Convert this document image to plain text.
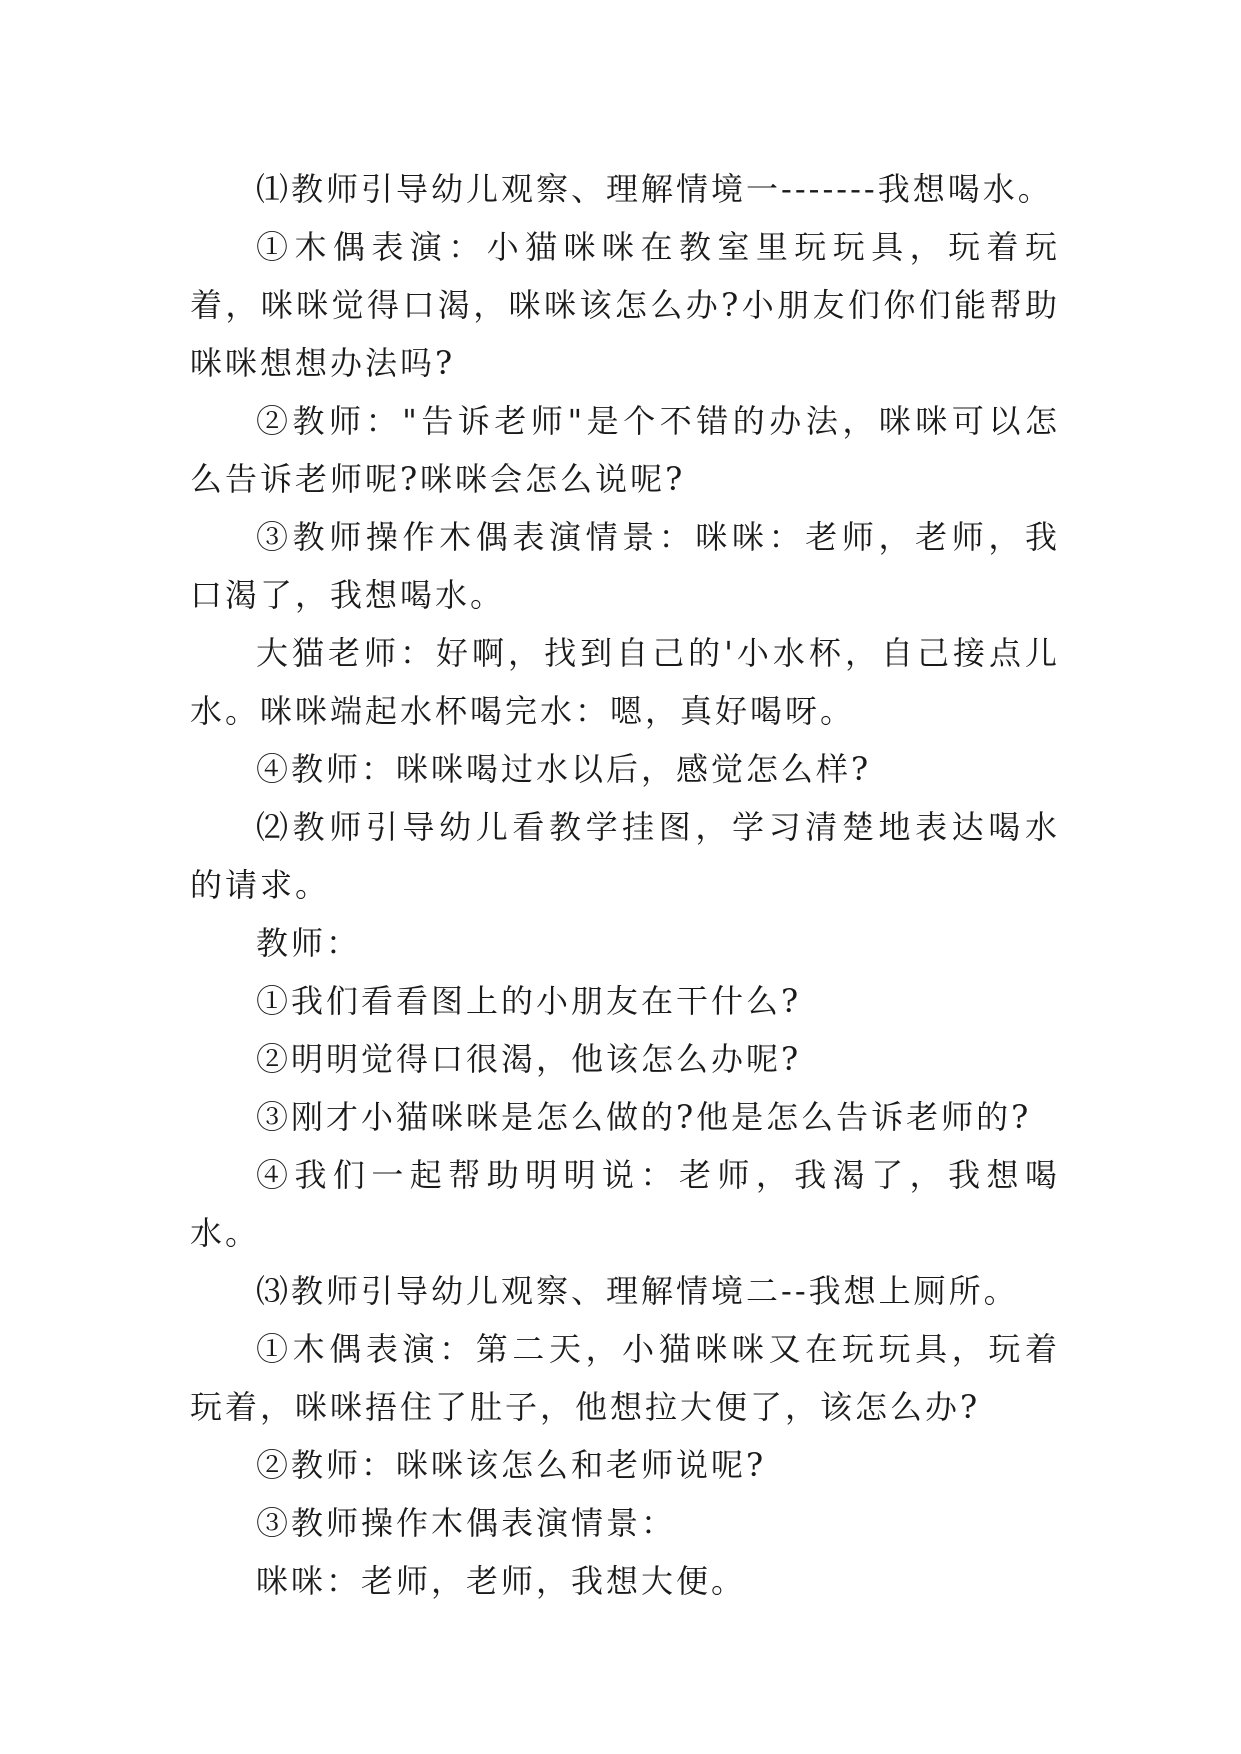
⑴教师引导幼儿观察、理解情境一-------我想喝水。

①木偶表演：小猫咪咪在教室里玩玩具，玩着玩着，咪咪觉得口渴，咪咪该怎么办?小朋友们你们能帮助咪咪想想办法吗?

②教师："告诉老师"是个不错的办法，咪咪可以怎么告诉老师呢?咪咪会怎么说呢?

③教师操作木偶表演情景：咪咪：老师，老师，我口渴了，我想喝水。

大猫老师：好啊，找到自己的'小水杯，自己接点儿水。咪咪端起水杯喝完水：嗯，真好喝呀。

④教师：咪咪喝过水以后，感觉怎么样?

⑵教师引导幼儿看教学挂图，学习清楚地表达喝水的请求。

教师：

①我们看看图上的小朋友在干什么?

②明明觉得口很渴，他该怎么办呢?

③刚才小猫咪咪是怎么做的?他是怎么告诉老师的?

④我们一起帮助明明说：老师，我渴了，我想喝水。

⑶教师引导幼儿观察、理解情境二--我想上厕所。

①木偶表演：第二天，小猫咪咪又在玩玩具，玩着玩着，咪咪捂住了肚子，他想拉大便了，该怎么办?

②教师：咪咪该怎么和老师说呢?

③教师操作木偶表演情景：

咪咪：老师，老师，我想大便。
